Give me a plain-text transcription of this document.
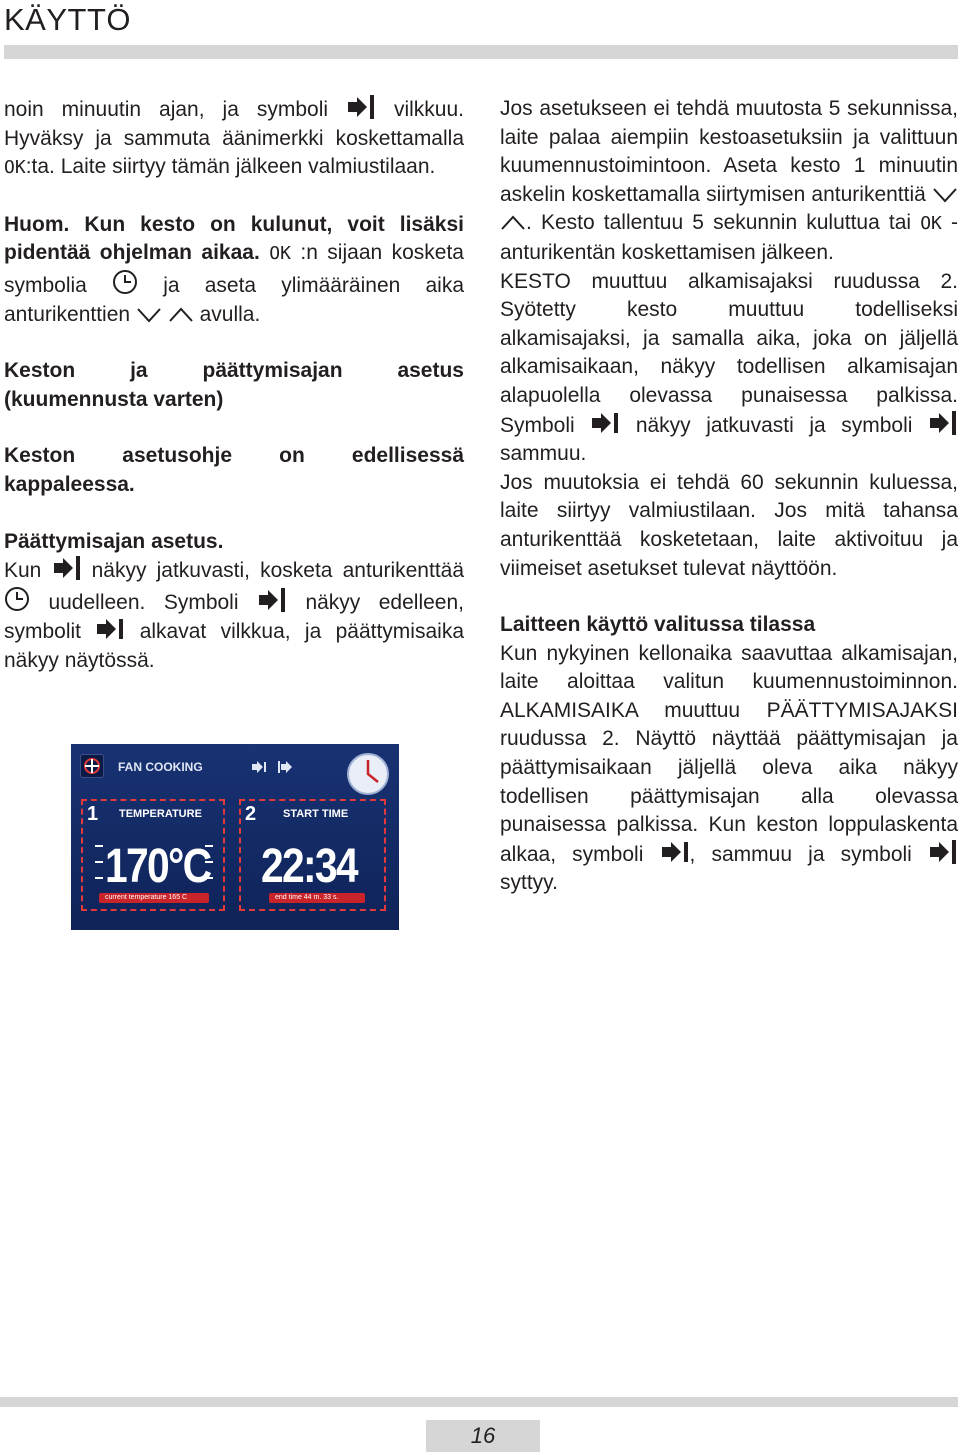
KÄYTTÖ

noin minuutin ajan, ja symboli  vilkkuu. Hyväksy ja sammuta äänimerkki koskettamalla OK:ta. Laite siirtyy tämän jälkeen valmiustilaan.

Huom. Kun kesto on kulunut, voit lisäksi pidentää ohjelman aikaa. OK :n sijaan kosketa symbolia  ja aseta ylimääräinen aika anturikenttien	avulla.

Keston ja päättymisajan asetus (kuumennusta varten)

Keston asetusohje on edellisessä kappaleessa.

Päättymisajan asetus.

Kun  näkyy jatkuvasti, kosketa anturikenttää  uudelleen. Symboli  näkyy edelleen, symbolit  alkavat vilkkua, ja päättymisaika näkyy näytössä.

FAN COOKING
1 TEMPERATURE
170°C
current temperature 165 C
2 START TIME
22:34
end time 44 m. 33 s.

Jos asetukseen ei tehdä muutosta 5 sekunnissa, laite palaa aiempiin kestoasetuksiin ja valittuun kuumennustoimintoon. Aseta kesto 1 minuutin askelin koskettamalla siirtymisen anturikenttiä  . Kesto tallentuu 5 sekunnin kuluttua tai OK -anturikentän koskettamisen jälkeen.

KESTO muuttuu alkamisajaksi ruudussa 2. Syötetty kesto muuttuu todelliseksi alkamisajaksi, ja samalla aika, joka on jäljellä alkamisaikaan, näkyy todellisen alkamisajan alapuolella olevassa punaisessa palkissa. Symboli  näkyy jatkuvasti ja symboli  sammuu.

Jos muutoksia ei tehdä 60 sekunnin kuluessa, laite siirtyy valmiustilaan. Jos mitä tahansa anturikenttää kosketetaan, laite aktivoituu ja viimeiset asetukset tulevat näyttöön.

Laitteen käyttö valitussa tilassa

Kun nykyinen kellonaika saavuttaa alkamisajan, laite aloittaa valitun kuumennustoiminnon. ALKAMISAIKA muuttuu PÄÄTTYMISAJAKSI ruudussa 2. Näyttö näyttää päättymisajan ja päättymisaikaan jäljellä oleva aika näkyy todellisen päättymisajan alla olevassa punaisessa palkissa. Kun keston loppulaskenta alkaa, symboli , sammuu ja symboli  syttyy.

16
